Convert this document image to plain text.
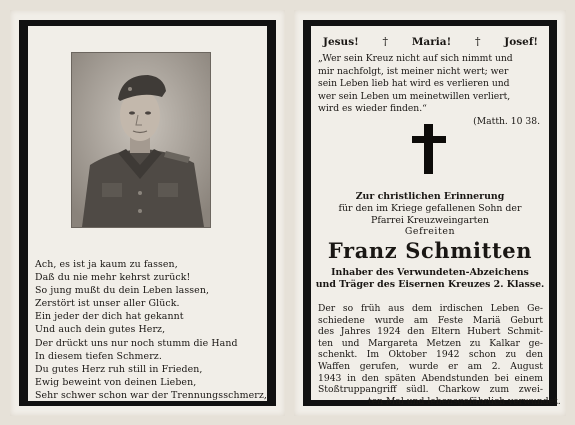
Ach, es ist ja kaum zu fassen,
Daß du nie mehr kehrst zurück!
So jung mußt du dein Leben lassen,
Zerstört ist unser aller Glück.
Ein jeder der dich hat gekannt
Und auch dein gutes Herz,
Der drückt uns nur noch stumm die Hand
In diesem tiefen Schmerz.
Du gutes Herz ruh still in Frieden,
Ewig beweint von deinen Lieben,
Sehr schwer schon war der Trennungsschmerz,
Jesus! † Maria! † Josef!
„Wer sein Kreuz nicht auf sich nimmt und
mir nachfolgt, ist meiner nicht wert; wer
sein Leben lieb hat wird es verlieren und
wer sein Leben um meinetwillen verliert,
wird es wieder finden.“
(Matth. 10 38.
Zur christlichen Erinnerung
für den im Kriege gefallenen Sohn der
Pfarrei Kreuzweingarten
Gefreiten
Franz Schmitten
Inhaber des Verwundeten-Abzeichens
und Träger des Eisernen Kreuzes 2. Klasse.
Der so früh aus dem irdischen Leben Ge-
schiedene wurde am Feste Mariä Geburt
des Jahres 1924 den Eltern Hubert Schmit-
ten und Margareta Metzen zu Kalkar ge-
schenkt. Im Oktober 1942 schon zu den
Waffen gerufen, wurde er am 2. August
1943 in den späten Abendstunden bei einem
Stoßtruppangriff südl. Charkow zum zwei-
ten Mal und lebensgefährlich verwundet.
